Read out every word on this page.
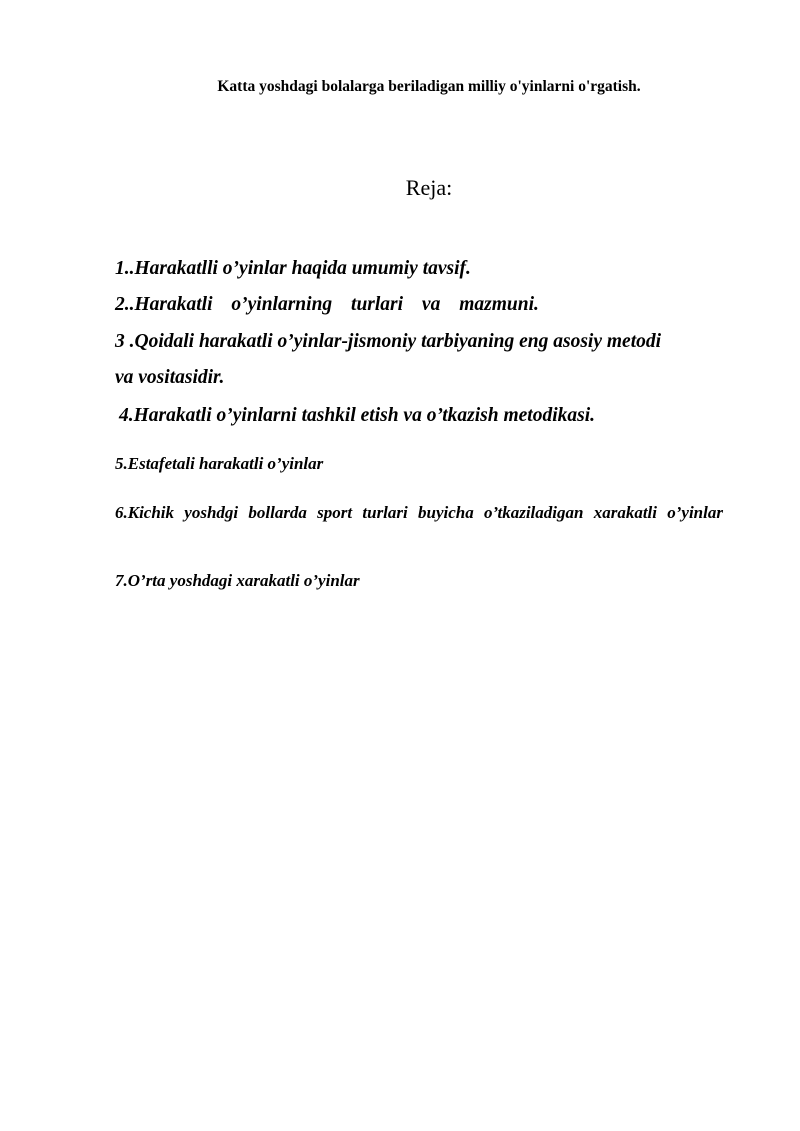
Katta yoshdagi bolalarga beriladigan milliy o'yinlarni o'rgatish.
Reja:
1..Harakatlli o’yinlar haqida umumiy tavsif.
2..Harakatli o’yinlarning turlari va mazmuni.
3 .Qoidali harakatli o’yinlar-jismoniy tarbiyaning eng asosiy metodi
va vositasidir.
4.Harakatli o’yinlarni tashkil etish va o’tkazish metodikasi.
5.Estafetali harakatli o’yinlar
6.Kichik yoshdgi bollarda sport turlari buyicha o’tkaziladigan xarakatli o’yinlar
7.O’rta yoshdagi xarakatli o’yinlar
